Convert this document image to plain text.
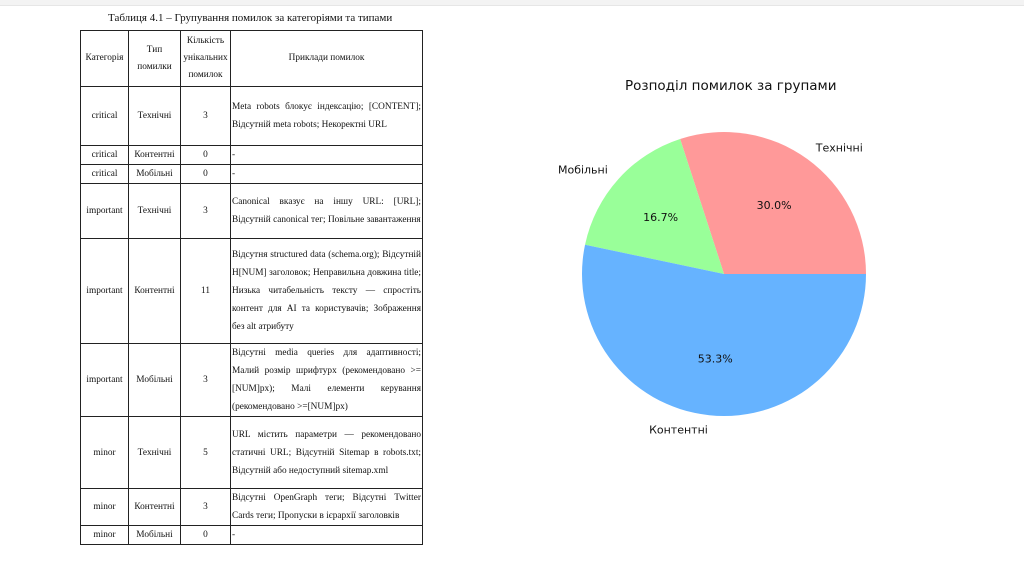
Таблиця 4.1 – Групування помилок за категоріями та типами
Категорія	Тип помилки	Кількість унікальних помилок	Приклади помилок
critical	Технічні	3	Meta robots блокує індексацію; [CONTENT]; Відсутній meta robots; Некоректні URL
critical	Контентні	0	-
critical	Мобільні	0	-
important	Технічні	3	Canonical вказує на іншу URL: [URL]; Відсутній canonical тег; Повільне завантаження
important	Контентні	11	Відсутня structured data (schema.org); Відсутній H[NUM] заголовок; Неправильна довжина title; Низька читабельність тексту — спростіть контент для AI та користувачів; Зображення без alt атрибуту
important	Мобільні	3	Відсутні media queries для адаптивності; Малий розмір шрифтурх (рекомендовано >=[NUM]px); Малі елементи керування (рекомендовано >=[NUM]px)
minor	Технічні	5	URL містить параметри — рекомендовано статичні URL; Відсутній Sitemap в robots.txt; Відсутній або недоступний sitemap.xml
minor	Контентні	3	Відсутні OpenGraph теги; Відсутні Twitter Cards теги; Пропуски в ієрархії заголовків
minor	Мобільні	0	-
Розподіл помилок за групами
30.0%
Технічні
16.7%
Мобільні
53.3%
Контентні
